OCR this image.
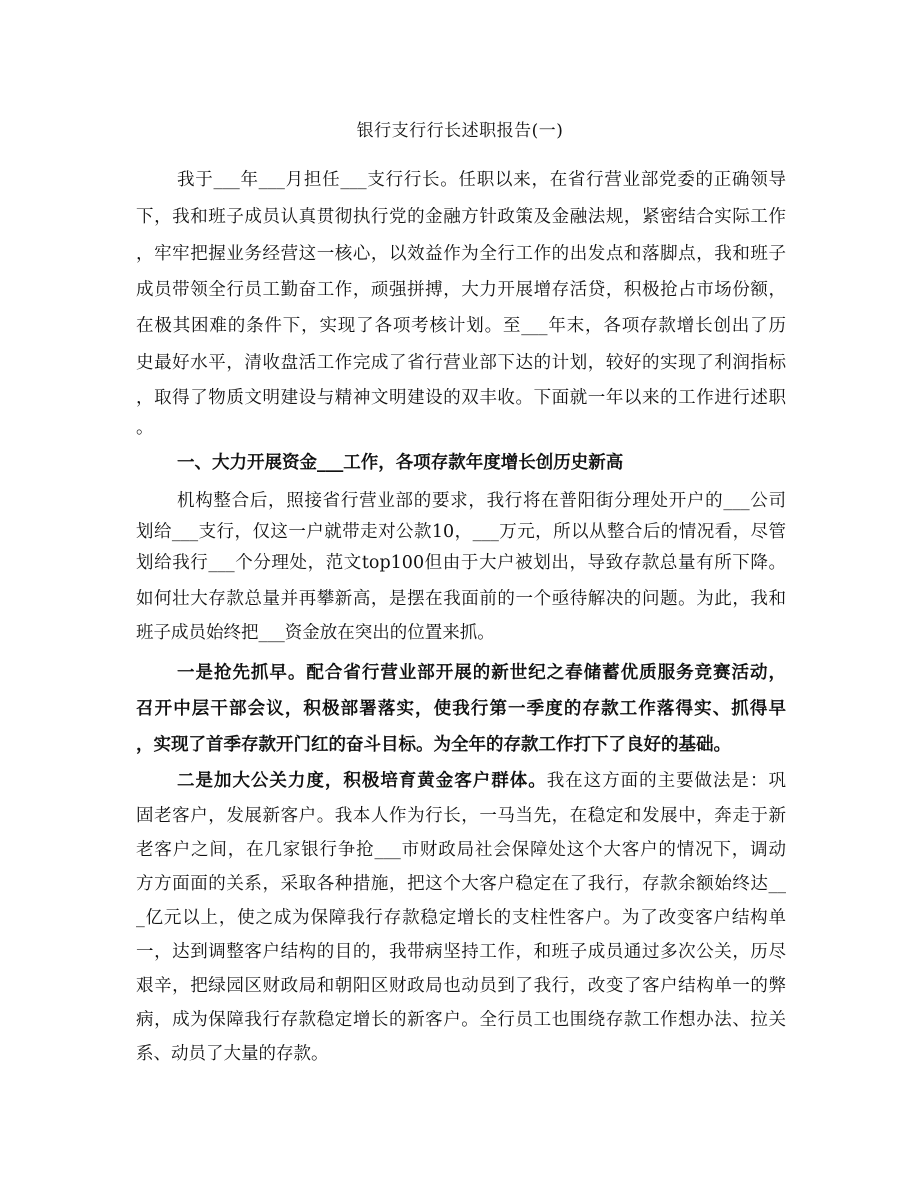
银行支行行长述职报告(一)
我于___年___月担任___支行行长。任职以来，在省行营业部党委的正确领导
下，我和班子成员认真贯彻执行党的金融方针政策及金融法规，紧密结合实际工作
，牢牢把握业务经营这一核心，以效益作为全行工作的出发点和落脚点，我和班子
成员带领全行员工勤奋工作，顽强拼搏，大力开展增存活贷，积极抢占市场份额，
在极其困难的条件下，实现了各项考核计划。至___年末，各项存款增长创出了历
史最好水平，清收盘活工作完成了省行营业部下达的计划，较好的实现了利润指标
，取得了物质文明建设与精神文明建设的双丰收。下面就一年以来的工作进行述职
。
一、大力开展资金___工作，各项存款年度增长创历史新高
机构整合后，照接省行营业部的要求，我行将在普阳街分理处开户的___公司
划给___支行，仅这一户就带走对公款10，___万元，所以从整合后的情况看，尽管
划给我行___个分理处，范文top100但由于大户被划出，导致存款总量有所下降。
如何壮大存款总量并再攀新高，是摆在我面前的一个亟待解决的问题。为此，我和
班子成员始终把___资金放在突出的位置来抓。
一是抢先抓早。配合省行营业部开展的新世纪之春储蓄优质服务竞赛活动，
召开中层干部会议，积极部署落实，使我行第一季度的存款工作落得实、抓得早
，实现了首季存款开门红的奋斗目标。为全年的存款工作打下了良好的基础。
二是加大公关力度，积极培育黄金客户群体。我在这方面的主要做法是：巩
固老客户，发展新客户。我本人作为行长，一马当先，在稳定和发展中，奔走于新
老客户之间，在几家银行争抢___市财政局社会保障处这个大客户的情况下，调动
方方面面的关系，采取各种措施，把这个大客户稳定在了我行，存款余额始终达__
_亿元以上，使之成为保障我行存款稳定增长的支柱性客户。为了改变客户结构单
一，达到调整客户结构的目的，我带病坚持工作，和班子成员通过多次公关，历尽
艰辛，把绿园区财政局和朝阳区财政局也动员到了我行，改变了客户结构单一的弊
病，成为保障我行存款稳定增长的新客户。全行员工也围绕存款工作想办法、拉关
系、动员了大量的存款。
